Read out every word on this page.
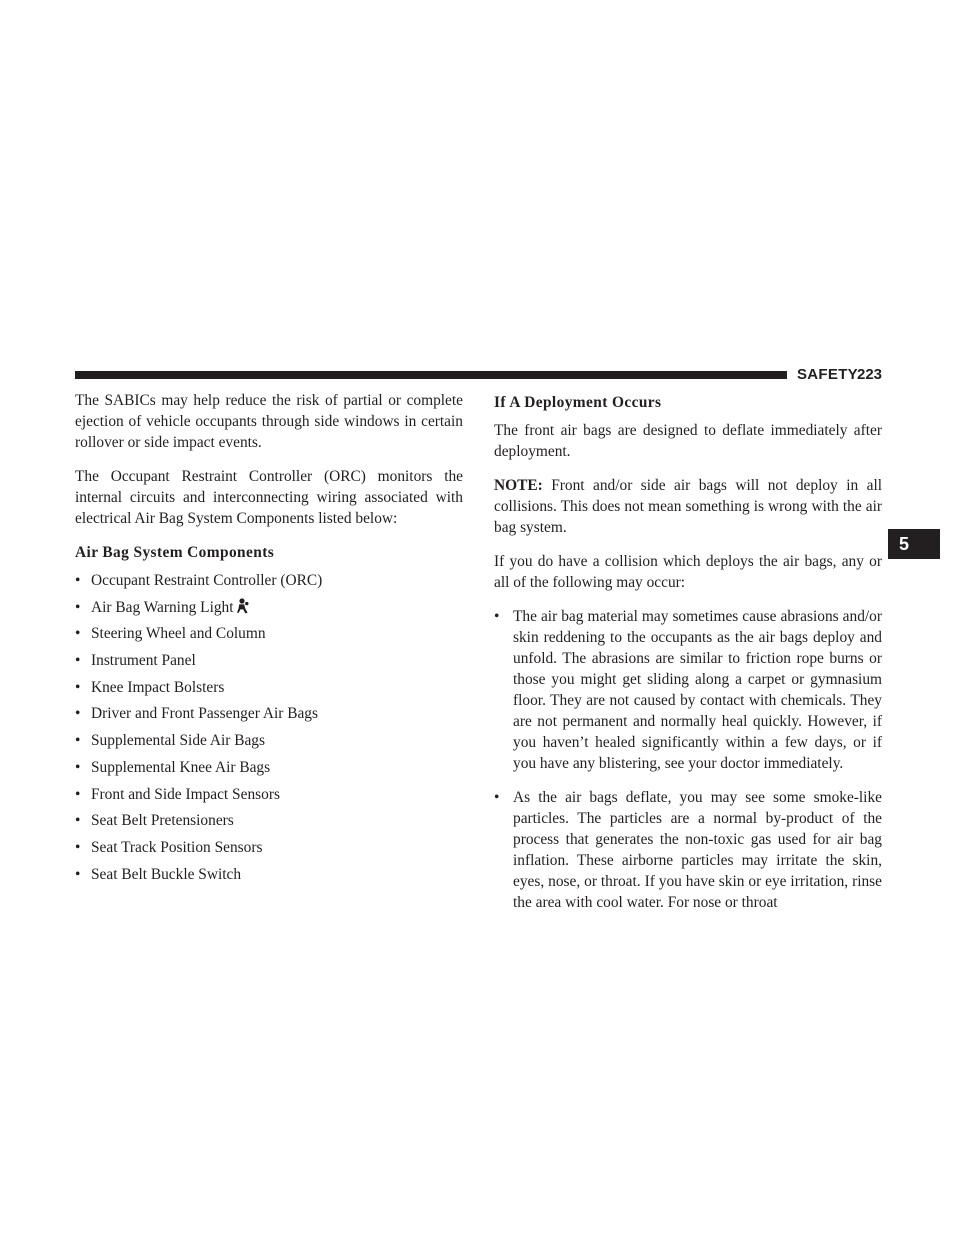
SAFETY 223
5

The SABICs may help reduce the risk of partial or complete ejection of vehicle occupants through side windows in certain rollover or side impact events.

The Occupant Restraint Controller (ORC) monitors the internal circuits and interconnecting wiring associated with electrical Air Bag System Components listed below:

Air Bag System Components
• Occupant Restraint Controller (ORC)
• Air Bag Warning Light
• Steering Wheel and Column
• Instrument Panel
• Knee Impact Bolsters
• Driver and Front Passenger Air Bags
• Supplemental Side Air Bags
• Supplemental Knee Air Bags
• Front and Side Impact Sensors
• Seat Belt Pretensioners
• Seat Track Position Sensors
• Seat Belt Buckle Switch
If A Deployment Occurs

The front air bags are designed to deflate immediately after deployment.

NOTE: Front and/or side air bags will not deploy in all collisions. This does not mean something is wrong with the air bag system.

If you do have a collision which deploys the air bags, any or all of the following may occur:

• The air bag material may sometimes cause abrasions and/or skin reddening to the occupants as the air bags deploy and unfold. The abrasions are similar to friction rope burns or those you might get sliding along a carpet or gymnasium floor. They are not caused by contact with chemicals. They are not permanent and normally heal quickly. However, if you haven’t healed significantly within a few days, or if you have any blistering, see your doctor immediately.
• As the air bags deflate, you may see some smoke-like particles. The particles are a normal by-product of the process that generates the non-toxic gas used for air bag inflation. These airborne particles may irritate the skin, eyes, nose, or throat. If you have skin or eye irritation, rinse the area with cool water. For nose or throat
